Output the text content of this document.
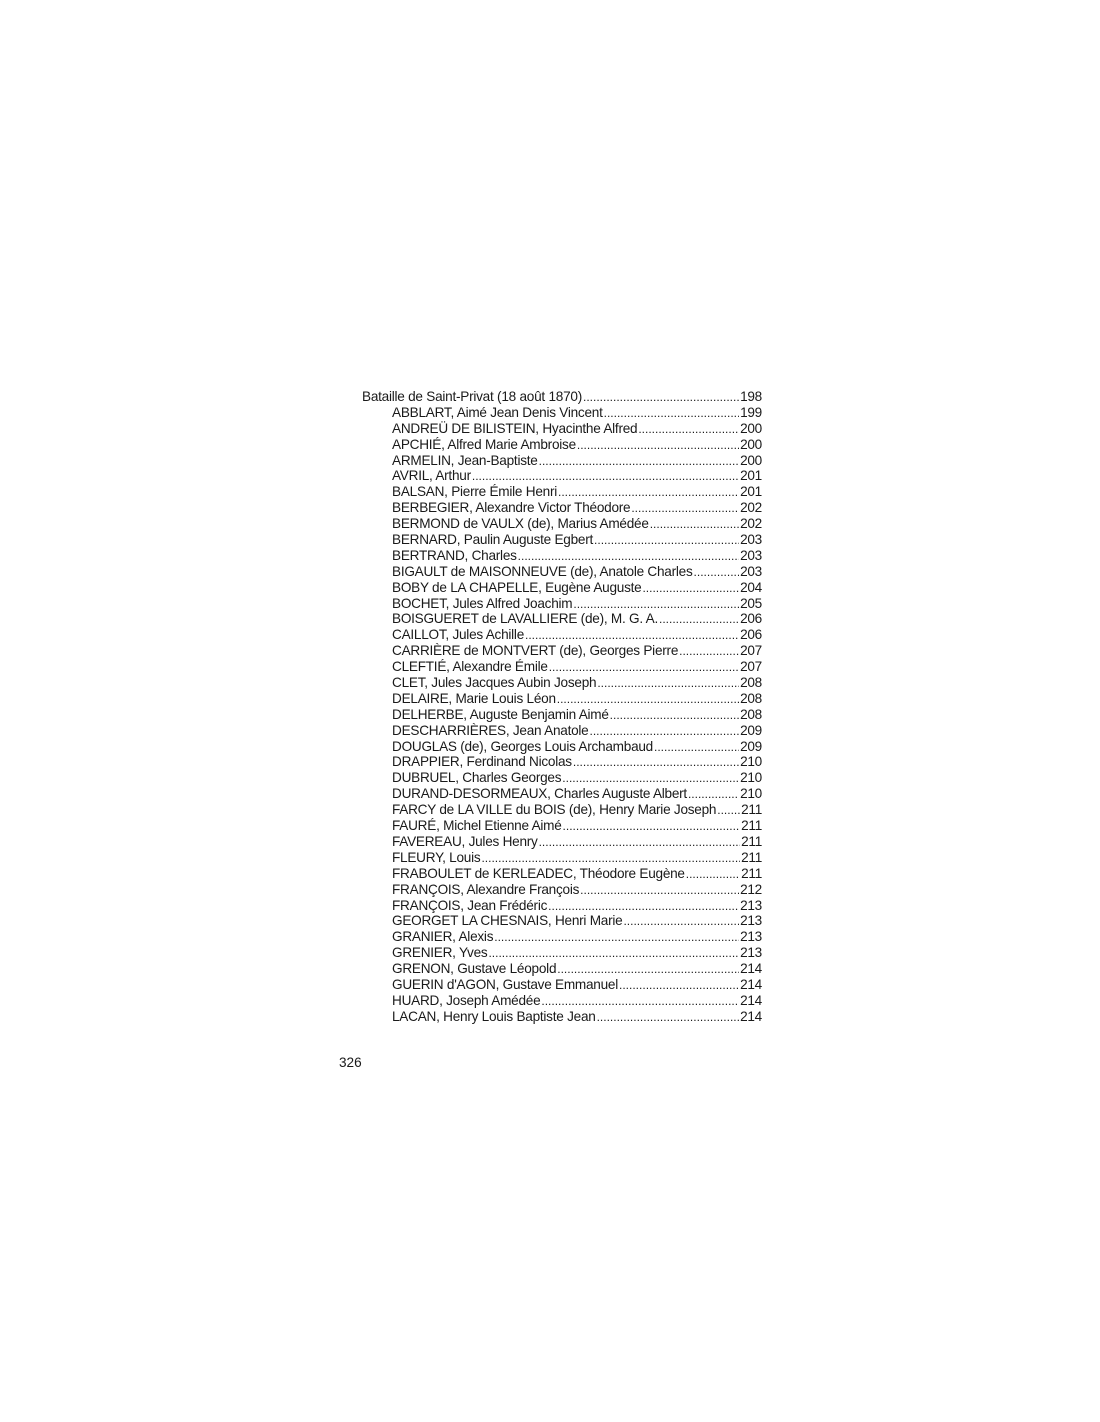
Bataille de Saint-Privat (18 août 1870) .....	198
ABBLART, Aimé Jean Denis Vincent .....	199
ANDREÜ DE BILISTEIN, Hyacinthe Alfred .....	200
APCHIÉ, Alfred Marie Ambroise .....	200
ARMELIN, Jean-Baptiste .....	200
AVRIL, Arthur .....	201
BALSAN, Pierre Émile Henri .....	201
BERBEGIER, Alexandre Victor Théodore .....	202
BERMOND de VAULX (de), Marius Amédée .....	202
BERNARD, Paulin Auguste Egbert .....	203
BERTRAND, Charles .....	203
BIGAULT de MAISONNEUVE (de), Anatole Charles .....	203
BOBY de LA CHAPELLE, Eugène Auguste .....	204
BOCHET, Jules Alfred Joachim .....	205
BOISGUERET de LAVALLIERE (de), M. G. A. .....	206
CAILLOT, Jules Achille .....	206
CARRIÈRE de MONTVERT (de), Georges Pierre .....	207
CLEFTIÉ, Alexandre Émile .....	207
CLET, Jules Jacques Aubin Joseph .....	208
DELAIRE, Marie Louis Léon .....	208
DELHERBE, Auguste Benjamin Aimé .....	208
DESCHARRIÈRES, Jean Anatole .....	209
DOUGLAS (de), Georges Louis Archambaud .....	209
DRAPPIER, Ferdinand Nicolas .....	210
DUBRUEL, Charles Georges .....	210
DURAND-DESORMEAUX, Charles Auguste Albert .....	210
FARCY de LA VILLE du BOIS (de), Henry Marie Joseph ..... 211
FAURÉ, Michel Etienne Aimé .....	211
FAVEREAU, Jules Henry .....	211
FLEURY, Louis .....	211
FRABOULET de KERLEADEC, Théodore Eugène .....	211
FRANÇOIS, Alexandre François .....	212
FRANÇOIS, Jean Frédéric .....	213
GEORGET LA CHESNAIS, Henri Marie .....	213
GRANIER, Alexis .....	213
GRENIER, Yves .....	213
GRENON, Gustave Léopold .....	214
GUERIN d'AGON, Gustave Emmanuel .....	214
HUARD, Joseph Amédée .....	214
LACAN, Henry Louis Baptiste Jean .....	214
326
